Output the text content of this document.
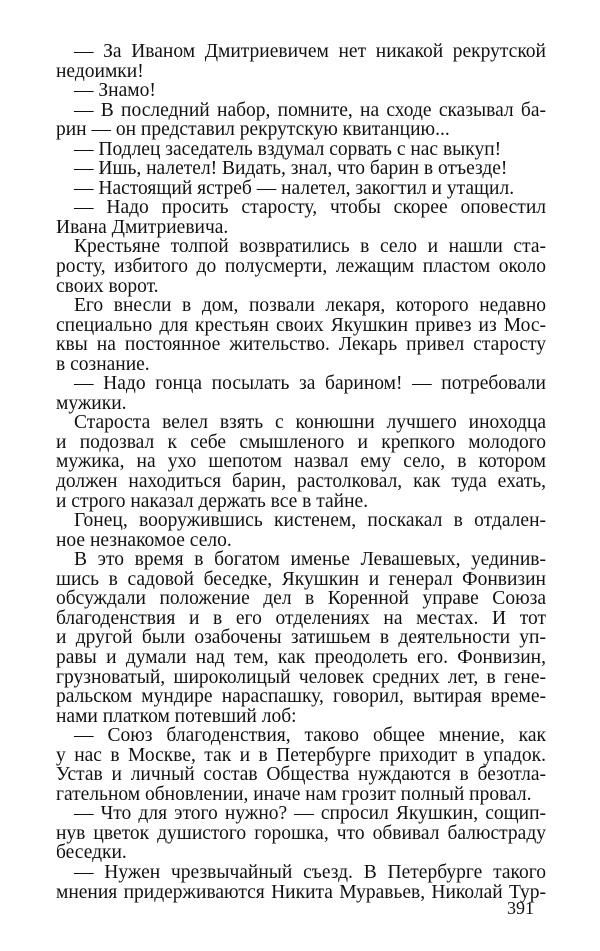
— За Иваном Дмитриевичем нет никакой рекрутской
недоимки!
— Знамо!
— В последний набор, помните, на сходе сказывал ба-
рин — он представил рекрутскую квитанцию...
— Подлец заседатель вздумал сорвать с нас выкуп!
— Ишь, налетел! Видать, знал, что барин в отъезде!
— Настоящий ястреб — налетел, закогтил и утащил.
— Надо просить старосту, чтобы скорее оповестил
Ивана Дмитриевича.
Крестьяне толпой возвратились в село и нашли ста-
росту, избитого до полусмерти, лежащим пластом около
своих ворот.
Его внесли в дом, позвали лекаря, которого недавно
специально для крестьян своих Якушкин привез из Мос-
квы на постоянное жительство. Лекарь привел старосту
в сознание.
— Надо гонца посылать за барином! — потребовали
мужики.
Староста велел взять с конюшни лучшего иноходца
и подозвал к себе смышленого и крепкого молодого
мужика, на ухо шепотом назвал ему село, в котором
должен находиться барин, растолковал, как туда ехать,
и строго наказал держать все в тайне.
Гонец, вооружившись кистенем, поскакал в отдален-
ное незнакомое село.
В это время в богатом именье Левашевых, уединив-
шись в садовой беседке, Якушкин и генерал Фонвизин
обсуждали положение дел в Коренной управе Союза
благоденствия и в его отделениях на местах. И тот
и другой были озабочены затишьем в деятельности уп-
равы и думали над тем, как преодолеть его. Фонвизин,
грузноватый, широколицый человек средних лет, в гене-
ральском мундире нараспашку, говорил, вытирая време-
нами платком потевший лоб:
— Союз благоденствия, таково общее мнение, как
у нас в Москве, так и в Петербурге приходит в упадок.
Устав и личный состав Общества нуждаются в безотла-
гательном обновлении, иначе нам грозит полный провал.
— Что для этого нужно? — спросил Якушкин, сощип-
нув цветок душистого горошка, что обвивал балюстраду
беседки.
— Нужен чрезвычайный съезд. В Петербурге такого
мнения придерживаются Никита Муравьев, Николай Тур-
391
